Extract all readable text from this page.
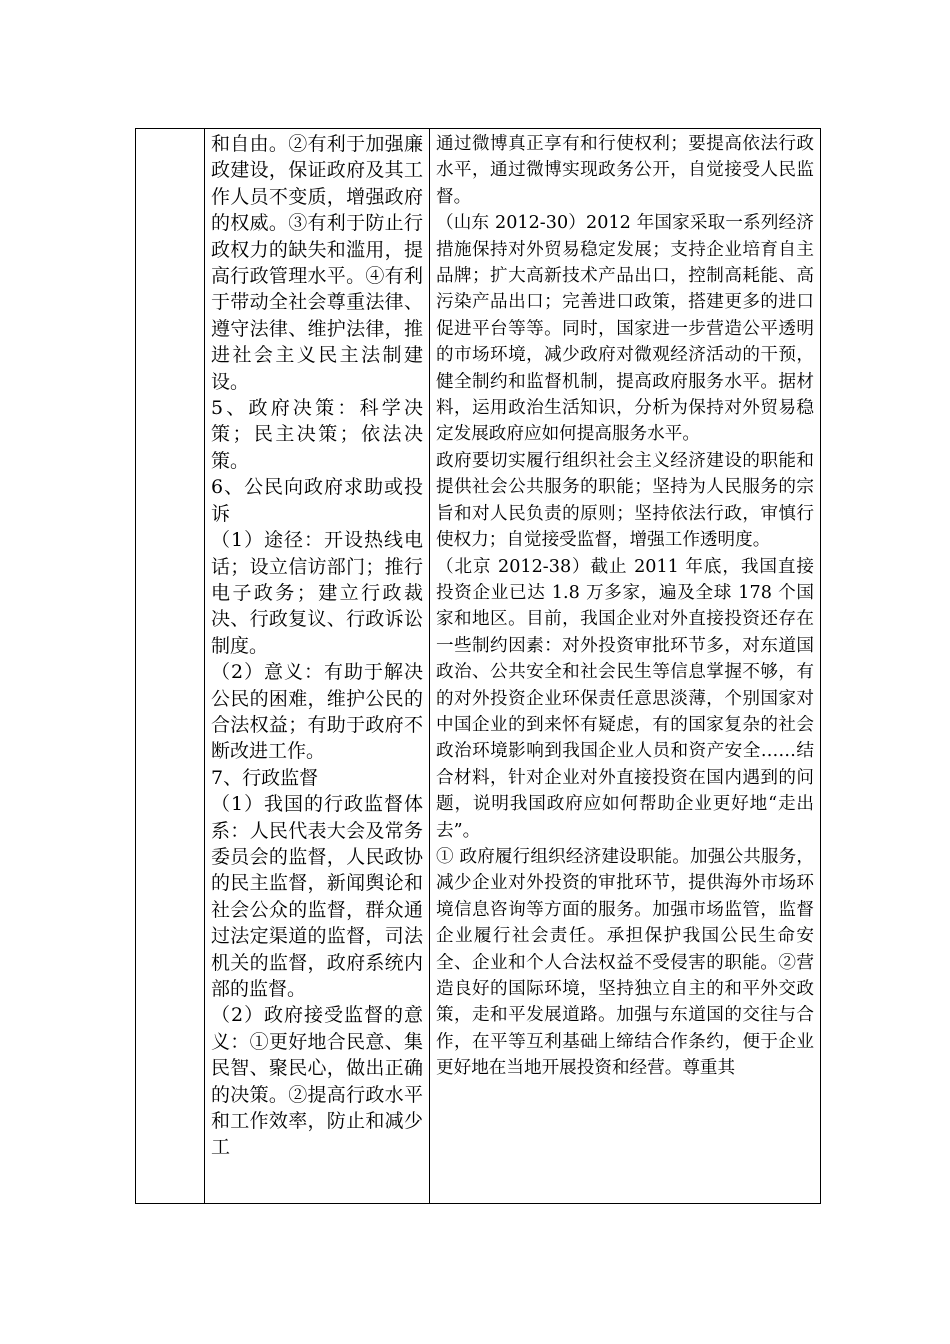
和自由。②有利于加强廉政建设，保证政府及其工作人员不变质，增强政府的权威。③有利于防止行政权力的缺失和滥用，提高行政管理水平。④有利于带动全社会尊重法律、遵守法律、维护法律，推进社会主义民主法制建设。

5、政府决策：科学决策；民主决策；依法决策。

6、公民向政府求助或投诉

（1）途径：开设热线电话；设立信访部门；推行电子政务；建立行政裁决、行政复议、行政诉讼制度。

（2）意义：有助于解决公民的困难，维护公民的合法权益；有助于政府不断改进工作。

7、行政监督

（1）我国的行政监督体系：人民代表大会及常务委员会的监督，人民政协的民主监督，新闻舆论和社会公众的监督，群众通过法定渠道的监督，司法机关的监督，政府系统内部的监督。

（2）政府接受监督的意义：①更好地合民意、集民智、聚民心，做出正确的决策。②提高行政水平和工作效率，防止和减少工

通过微博真正享有和行使权利；要提高依法行政水平，通过微博实现政务公开，自觉接受人民监督。

（山东 2012-30）2012 年国家采取一系列经济措施保持对外贸易稳定发展；支持企业培育自主品牌；扩大高新技术产品出口，控制高耗能、高污染产品出口；完善进口政策，搭建更多的进口促进平台等等。同时，国家进一步营造公平透明的市场环境，减少政府对微观经济活动的干预，健全制约和监督机制，提高政府服务水平。据材料，运用政治生活知识，分析为保持对外贸易稳定发展政府应如何提高服务水平。

政府要切实履行组织社会主义经济建设的职能和提供社会公共服务的职能；坚持为人民服务的宗旨和对人民负责的原则；坚持依法行政，审慎行使权力；自觉接受监督，增强工作透明度。

（北京 2012-38）截止 2011 年底，我国直接投资企业已达 1.8 万多家，遍及全球 178 个国家和地区。目前，我国企业对外直接投资还存在一些制约因素：对外投资审批环节多，对东道国政治、公共安全和社会民生等信息掌握不够，有的对外投资企业环保责任意思淡薄，个别国家对中国企业的到来怀有疑虑，有的国家复杂的社会政治环境影响到我国企业人员和资产安全……结合材料，针对企业对外直接投资在国内遇到的问题，说明我国政府应如何帮助企业更好地“走出去”。

① 政府履行组织经济建设职能。加强公共服务，减少企业对外投资的审批环节，提供海外市场环境信息咨询等方面的服务。加强市场监管，监督企业履行社会责任。承担保护我国公民生命安全、企业和个人合法权益不受侵害的职能。②营造良好的国际环境，坚持独立自主的和平外交政策，走和平发展道路。加强与东道国的交往与合作，在平等互利基础上缔结合作条约，便于企业更好地在当地开展投资和经营。尊重其
